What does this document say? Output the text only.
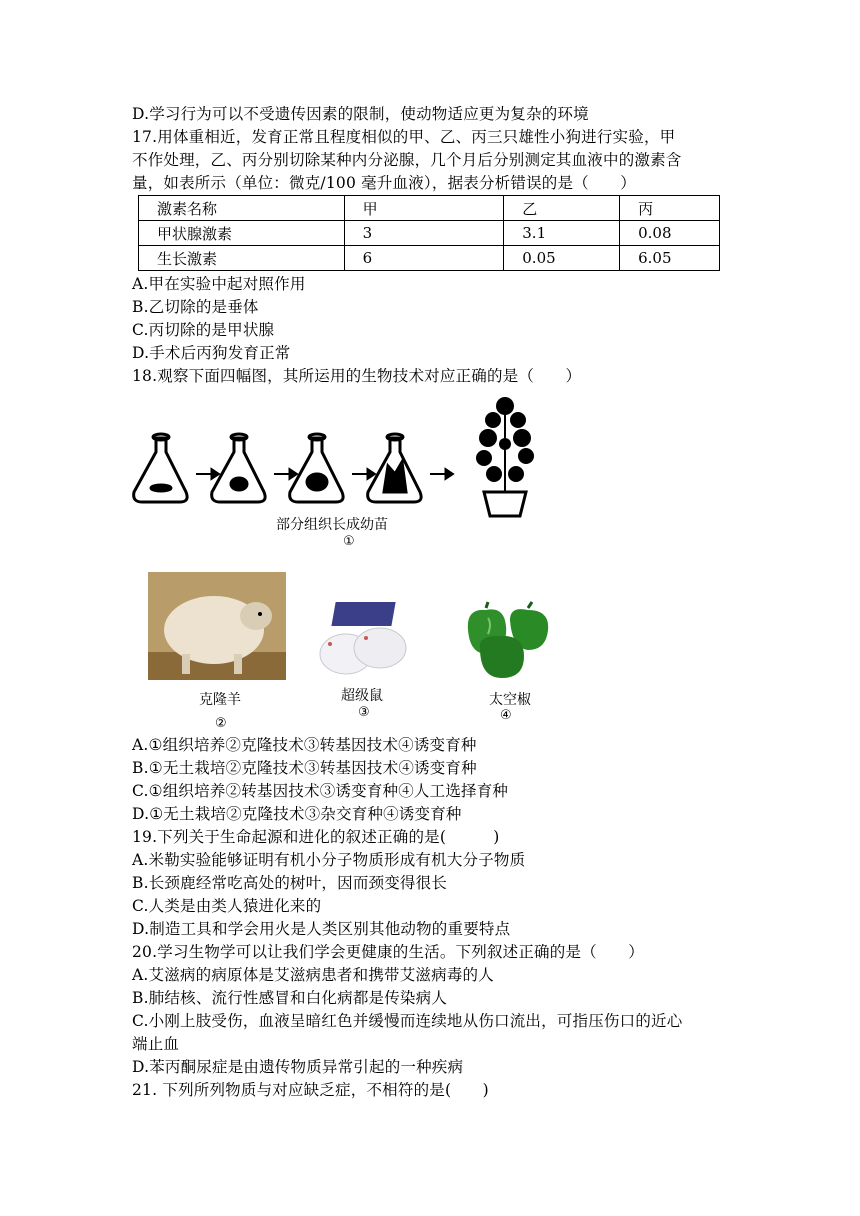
D.学习行为可以不受遗传因素的限制，使动物适应更为复杂的环境
17.用体重相近，发育正常且程度相似的甲、乙、丙三只雄性小狗进行实验，甲
不作处理，乙、丙分别切除某种内分泌腺，几个月后分别测定其血液中的激素含
量，如表所示（单位：微克/100 毫升血液），据表分析错误的是（　　）
激素名称	甲	乙	丙
甲状腺激素	3	3.1	0.08
生长激素	6	0.05	6.05
A.甲在实验中起对照作用
B.乙切除的是垂体
C.丙切除的是甲状腺
D.手术后丙狗发育正常
18.观察下面四幅图，其所运用的生物技术对应正确的是（　　）
部分组织长成幼苗
①
克隆羊
②
超级鼠
③
太空椒
④
A.①组织培养②克隆技术③转基因技术④诱变育种
B.①无土栽培②克隆技术③转基因技术④诱变育种
C.①组织培养②转基因技术③诱变育种④人工选择育种
D.①无土栽培②克隆技术③杂交育种④诱变育种
19.下列关于生命起源和进化的叙述正确的是(　　　)
A.米勒实验能够证明有机小分子物质形成有机大分子物质
B.长颈鹿经常吃高处的树叶，因而颈变得很长
C.人类是由类人猿进化来的
D.制造工具和学会用火是人类区别其他动物的重要特点
20.学习生物学可以让我们学会更健康的生活。下列叙述正确的是（　　）
A.艾滋病的病原体是艾滋病患者和携带艾滋病毒的人
B.肺结核、流行性感冒和白化病都是传染病人
C.小刚上肢受伤，血液呈暗红色并缓慢而连续地从伤口流出，可指压伤口的近心
端止血
D.苯丙酮尿症是由遗传物质异常引起的一种疾病
21. 下列所列物质与对应缺乏症，不相符的是(　　)
